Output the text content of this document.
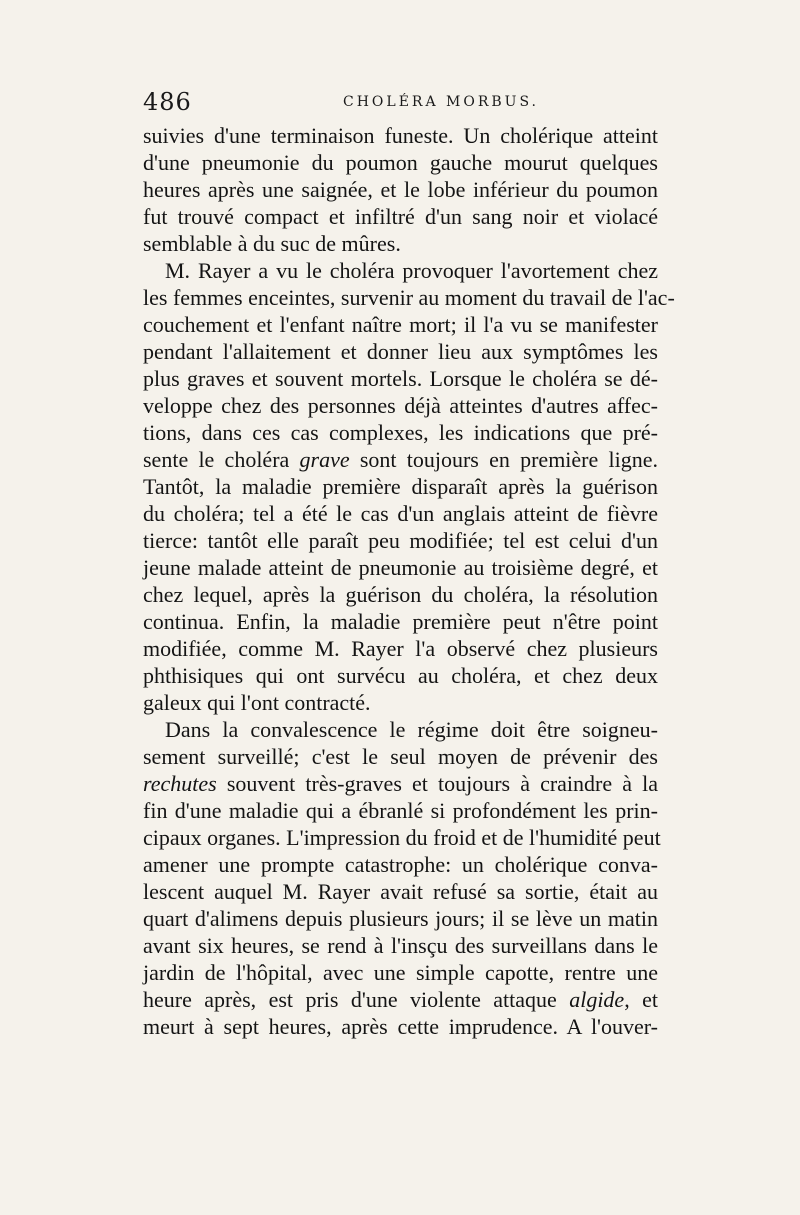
486	CHOLÉRA MORBUS.
suivies d'une terminaison funeste. Un cholérique atteint
d'une pneumonie du poumon gauche mourut quelques
heures après une saignée, et le lobe inférieur du poumon
fut trouvé compact et infiltré d'un sang noir et violacé
semblable à du suc de mûres.
M. Rayer a vu le choléra provoquer l'avortement chez
les femmes enceintes, survenir au moment du travail de l'ac-
couchement et l'enfant naître mort; il l'a vu se manifester
pendant l'allaitement et donner lieu aux symptômes les
plus graves et souvent mortels. Lorsque le choléra se dé-
veloppe chez des personnes déjà atteintes d'autres affec-
tions, dans ces cas complexes, les indications que pré-
sente le choléra grave sont toujours en première ligne.
Tantôt, la maladie première disparaît après la guérison
du choléra; tel a été le cas d'un anglais atteint de fièvre
tierce: tantôt elle paraît peu modifiée; tel est celui d'un
jeune malade atteint de pneumonie au troisième degré, et
chez lequel, après la guérison du choléra, la résolution
continua. Enfin, la maladie première peut n'être point
modifiée, comme M. Rayer l'a observé chez plusieurs
phthisiques qui ont survécu au choléra, et chez deux
galeux qui l'ont contracté.
Dans la convalescence le régime doit être soigneu-
sement surveillé; c'est le seul moyen de prévenir des
rechutes souvent très-graves et toujours à craindre à la
fin d'une maladie qui a ébranlé si profondément les prin-
cipaux organes. L'impression du froid et de l'humidité peut
amener une prompte catastrophe: un cholérique conva-
lescent auquel M. Rayer avait refusé sa sortie, était au
quart d'alimens depuis plusieurs jours; il se lève un matin
avant six heures, se rend à l'insçu des surveillans dans le
jardin de l'hôpital, avec une simple capotte, rentre une
heure après, est pris d'une violente attaque algide, et
meurt à sept heures, après cette imprudence. A l'ouver-
